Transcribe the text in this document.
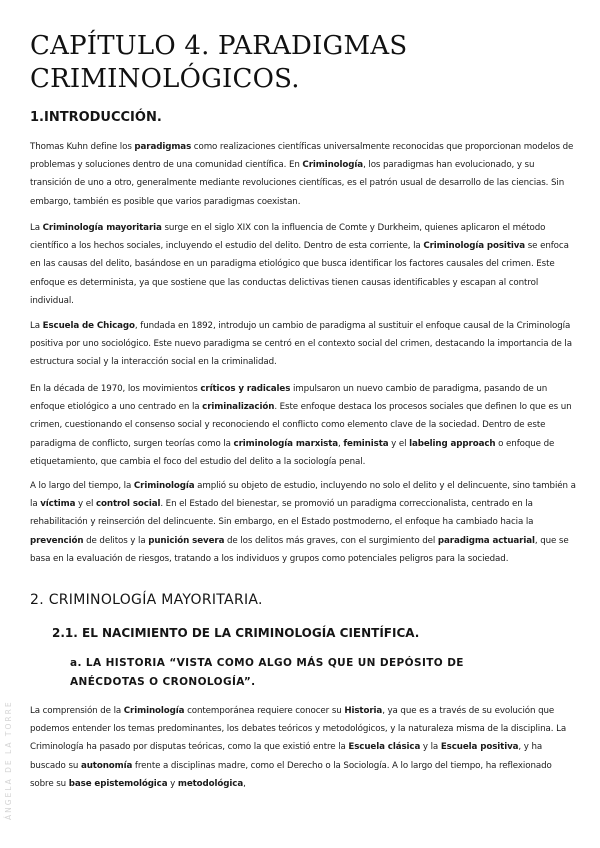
CAPÍTULO 4. PARADIGMAS CRIMINOLÓGICOS.
1.INTRODUCCIÓN.

Thomas Kuhn define los paradigmas como realizaciones científicas universalmente reconocidas que proporcionan modelos de problemas y soluciones dentro de una comunidad científica. En Criminología, los paradigmas han evolucionado, y su transición de uno a otro, generalmente mediante revoluciones científicas, es el patrón usual de desarrollo de las ciencias. Sin embargo, también es posible que varios paradigmas coexistan.

La Criminología mayoritaria surge en el siglo XIX con la influencia de Comte y Durkheim, quienes aplicaron el método científico a los hechos sociales, incluyendo el estudio del delito. Dentro de esta corriente, la Criminología positiva se enfoca en las causas del delito, basándose en un paradigma etiológico que busca identificar los factores causales del crimen. Este enfoque es determinista, ya que sostiene que las conductas delictivas tienen causas identificables y escapan al control individual.

La Escuela de Chicago, fundada en 1892, introdujo un cambio de paradigma al sustituir el enfoque causal de la Criminología positiva por uno sociológico. Este nuevo paradigma se centró en el contexto social del crimen, destacando la importancia de la estructura social y la interacción social en la criminalidad.

En la década de 1970, los movimientos críticos y radicales impulsaron un nuevo cambio de paradigma, pasando de un enfoque etiológico a uno centrado en la criminalización. Este enfoque destaca los procesos sociales que definen lo que es un crimen, cuestionando el consenso social y reconociendo el conflicto como elemento clave de la sociedad. Dentro de este paradigma de conflicto, surgen teorías como la criminología marxista, feminista y el labeling approach o enfoque de etiquetamiento, que cambia el foco del estudio del delito a la sociología penal.

A lo largo del tiempo, la Criminología amplió su objeto de estudio, incluyendo no solo el delito y el delincuente, sino también a la víctima y el control social. En el Estado del bienestar, se promovió un paradigma correccionalista, centrado en la rehabilitación y reinserción del delincuente. Sin embargo, en el Estado postmoderno, el enfoque ha cambiado hacia la prevención de delitos y la punición severa de los delitos más graves, con el surgimiento del paradigma actuarial, que se basa en la evaluación de riesgos, tratando a los individuos y grupos como potenciales peligros para la sociedad.

2. CRIMINOLOGÍA MAYORITARIA.
2.1. EL NACIMIENTO DE LA CRIMINOLOGÍA CIENTÍFICA.
a. LA HISTORIA “VISTA COMO ALGO MÁS QUE UN DEPÓSITO DE ANÉCDOTAS O CRONOLOGÍA”.

La comprensión de la Criminología contemporánea requiere conocer su Historia, ya que es a través de su evolución que podemos entender los temas predominantes, los debates teóricos y metodológicos, y la naturaleza misma de la disciplina. La Criminología ha pasado por disputas teóricas, como la que existió entre la Escuela clásica y la Escuela positiva, y ha buscado su autonomía frente a disciplinas madre, como el Derecho o la Sociología. A lo largo del tiempo, ha reflexionado sobre su base epistemológica y metodológica,

ÁNGELA DE LA TORRE
